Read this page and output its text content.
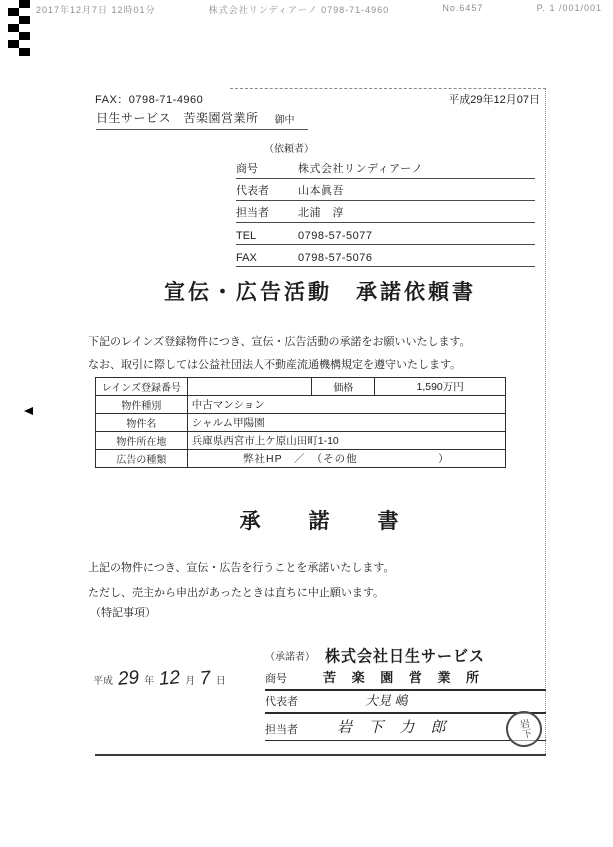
2017年12月7日 12時01分	株式会社リンディアーノ 0798-71-4960	No.6457	P. 1 /001/001
FAX：0798-71-4960	平成29年12月07日
日生サービス　苦楽園営業所 御中
（依頼者）
商号	株式会社リンディアーノ
代表者	山本眞吾
担当者	北浦　淳
TEL	0798-57-5077
FAX	0798-57-5076
宣伝・広告活動　承諾依頼書
下記のレインズ登録物件につき、宣伝・広告活動の承諾をお願いいたします。
なお、取引に際しては公益社団法人不動産流通機構規定を遵守いたします。
レインズ登録番号		価格	1,590万円
物件種別	中古マンション		
物件名	シャルム甲陽園		
物件所在地	兵庫県西宮市上ケ原山田町1-10		
広告の種類	弊社HP　／　（その他　　　　　　　）		
承　　諾　　書
上記の物件につき、宣伝・広告を行うことを承諾いたします。
ただし、売主から申出があったときは直ちに中止願います。
（特記事項）
平成 29 年 12 月 7 日
（承諾者） 株式会社日生サービス
商号	苦 楽 園 営 業 所
代表者	大見 嶋
担当者	岩 下 力 郎	岩下
